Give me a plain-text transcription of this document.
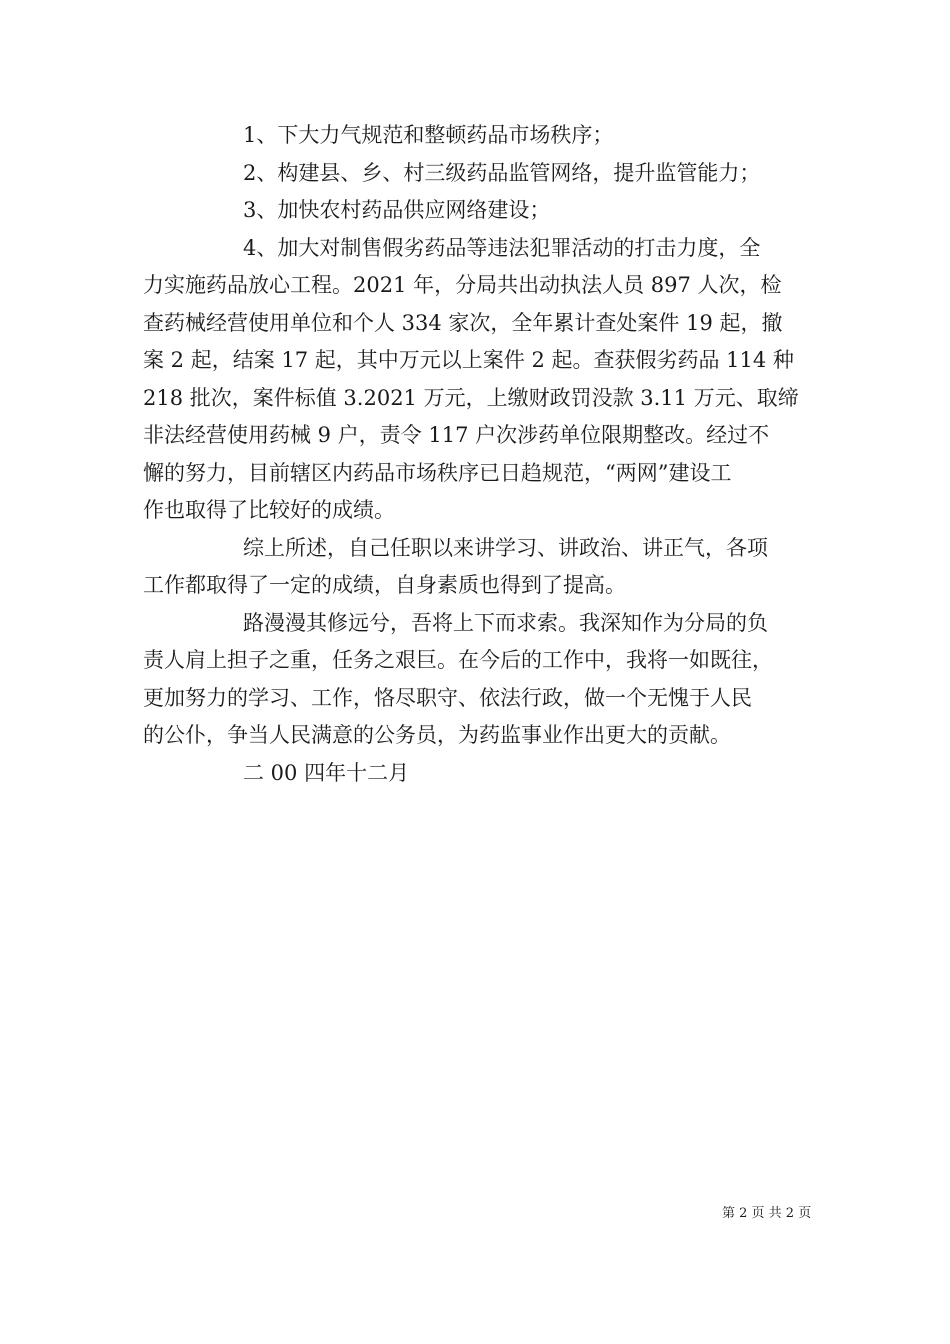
1、下大力气规范和整顿药品市场秩序；

2、构建县、乡、村三级药品监管网络，提升监管能力；

3、加快农村药品供应网络建设；

4、加大对制售假劣药品等违法犯罪活动的打击力度，全

力实施药品放心工程。2021 年，分局共出动执法人员 897 人次，检

查药械经营使用单位和个人 334 家次，全年累计查处案件 19 起，撤

案 2 起，结案 17 起，其中万元以上案件 2 起。查获假劣药品 114 种

218 批次，案件标值 3.2021 万元，上缴财政罚没款 3.11 万元、取缔

非法经营使用药械 9 户，责令 117 户次涉药单位限期整改。经过不

懈的努力，目前辖区内药品市场秩序已日趋规范，“两网”建设工

作也取得了比较好的成绩。

综上所述，自己任职以来讲学习、讲政治、讲正气，各项

工作都取得了一定的成绩，自身素质也得到了提高。

路漫漫其修远兮，吾将上下而求索。我深知作为分局的负

责人肩上担子之重，任务之艰巨。在今后的工作中，我将一如既往，

更加努力的学习、工作，恪尽职守、依法行政，做一个无愧于人民

的公仆，争当人民满意的公务员，为药监事业作出更大的贡献。

二 00 四年十二月

第 2 页 共 2 页
